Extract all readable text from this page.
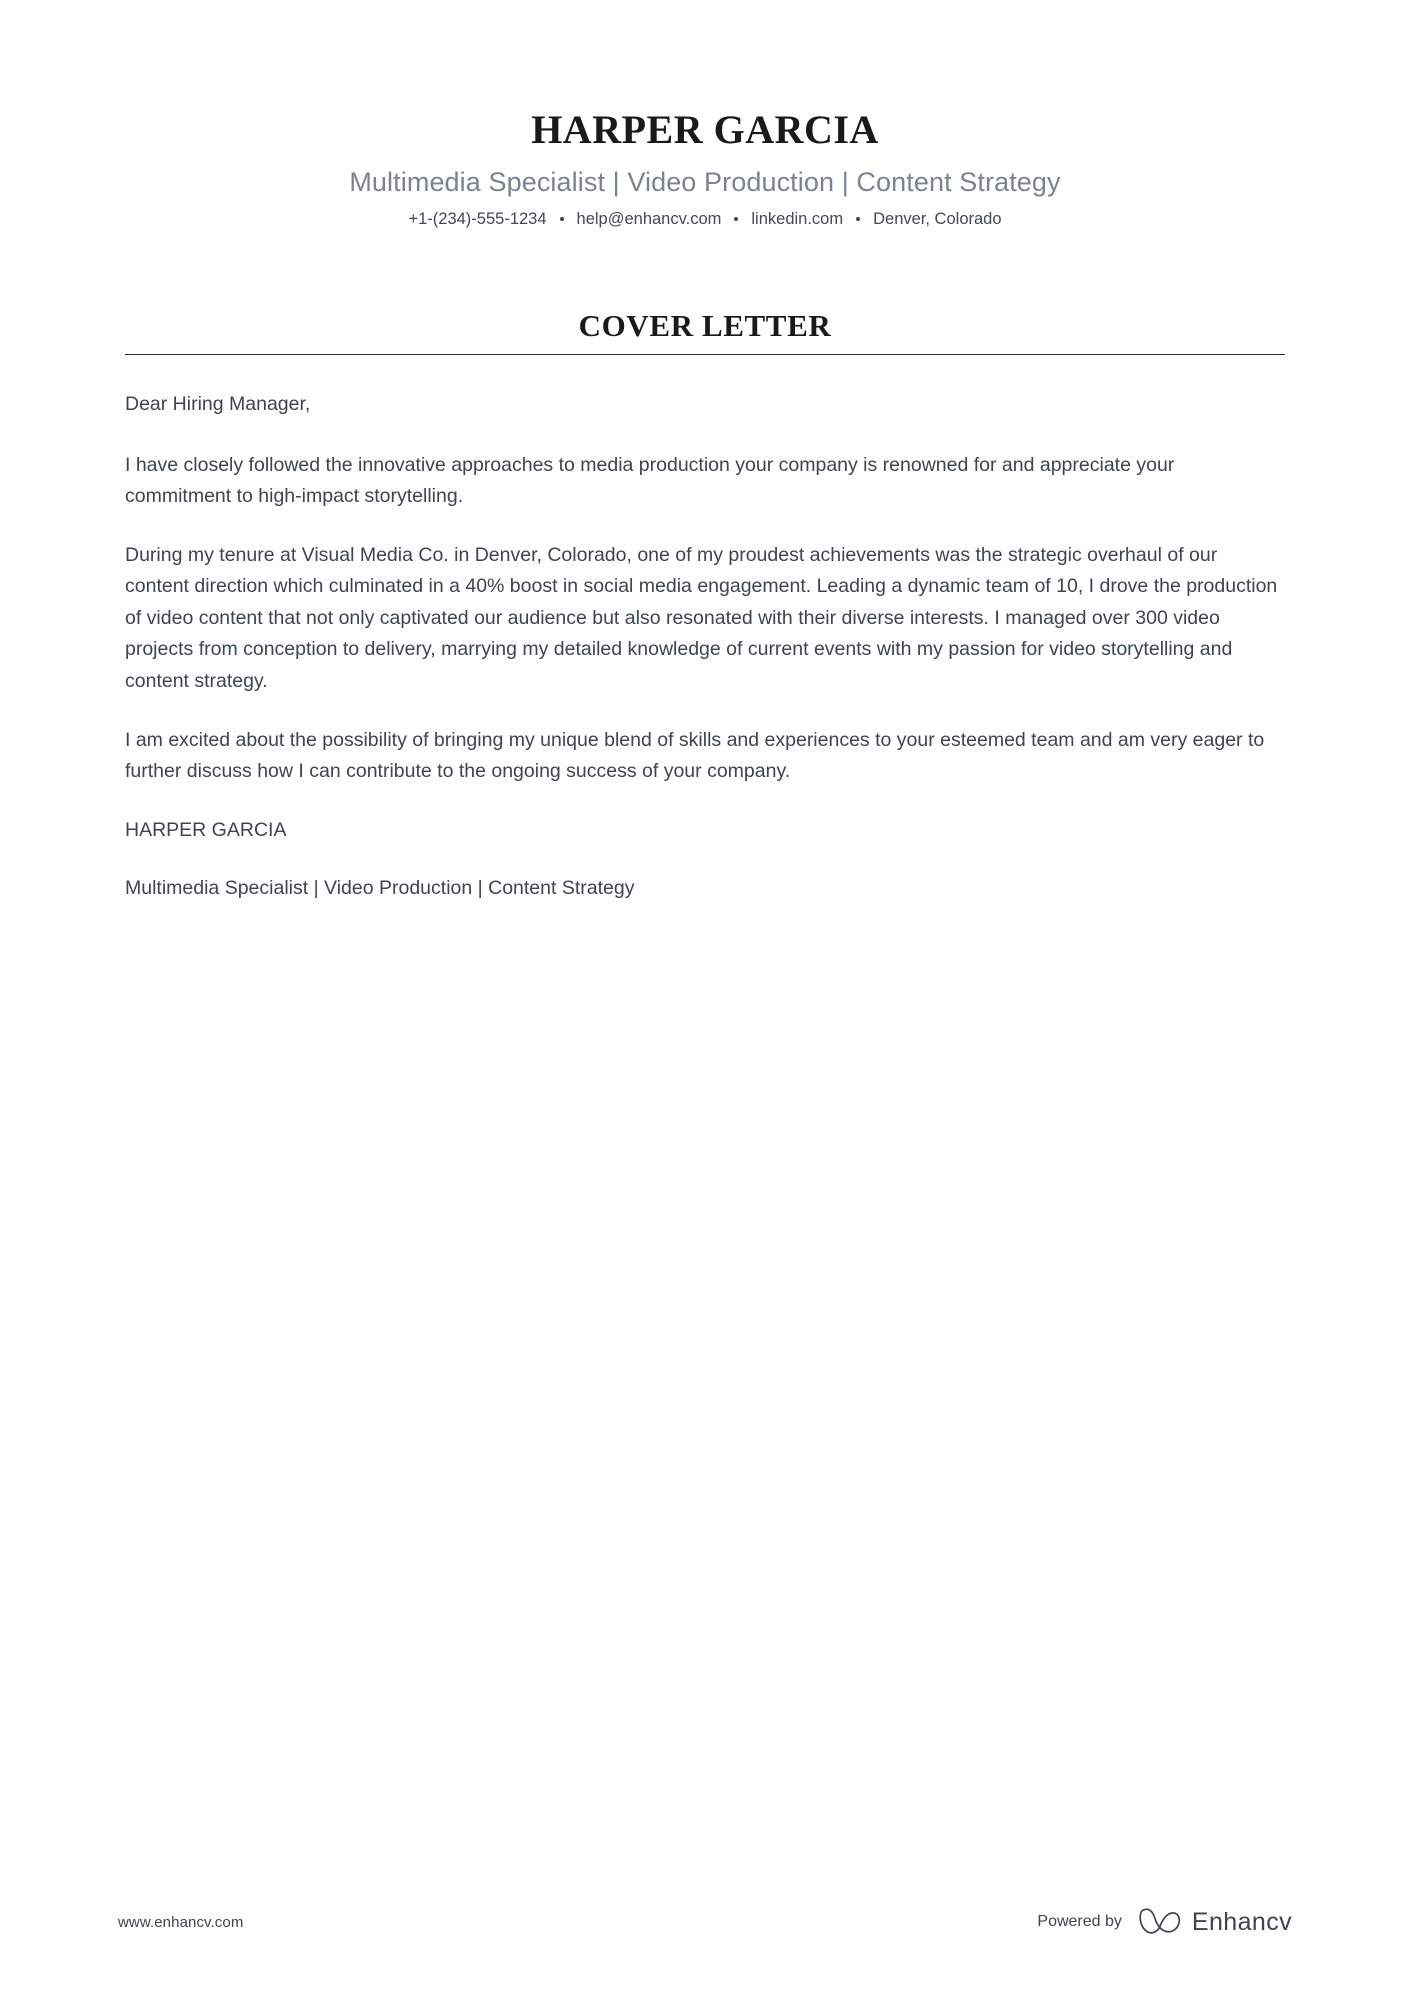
HARPER GARCIA
Multimedia Specialist | Video Production | Content Strategy
+1-(234)-555-1234 help@enhancv.com linkedin.com Denver, Colorado
COVER LETTER

Dear Hiring Manager,

I have closely followed the innovative approaches to media production your company is renowned for and appreciate your commitment to high-impact storytelling.

During my tenure at Visual Media Co. in Denver, Colorado, one of my proudest achievements was the strategic overhaul of our content direction which culminated in a 40% boost in social media engagement. Leading a dynamic team of 10, I drove the production of video content that not only captivated our audience but also resonated with their diverse interests. I managed over 300 video projects from conception to delivery, marrying my detailed knowledge of current events with my passion for video storytelling and content strategy.

I am excited about the possibility of bringing my unique blend of skills and experiences to your esteemed team and am very eager to further discuss how I can contribute to the ongoing success of your company.

HARPER GARCIA

Multimedia Specialist | Video Production | Content Strategy

www.enhancv.com	Powered by	Enhancv
